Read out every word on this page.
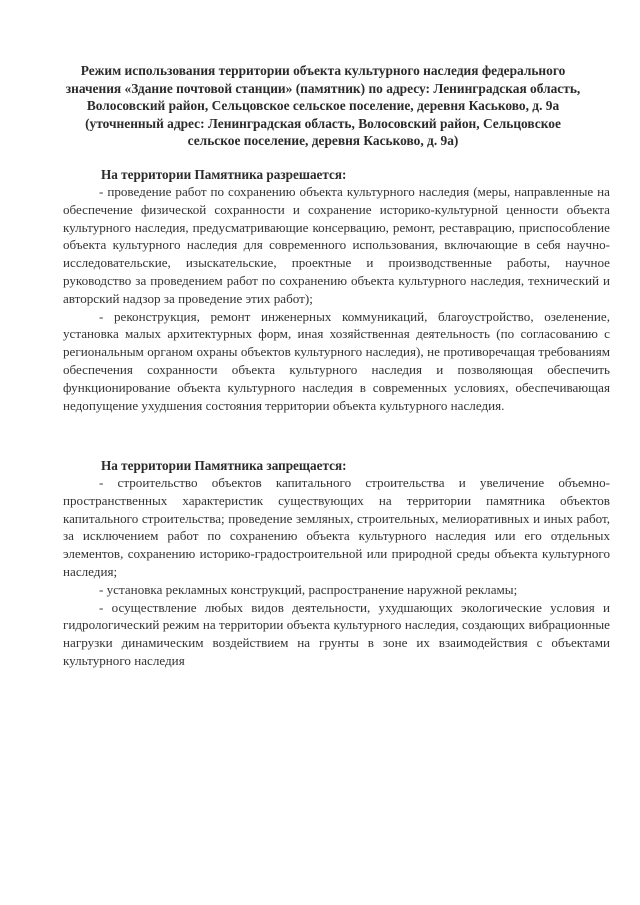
Режим использования территории объекта культурного наследия федерального значения «Здание почтовой станции» (памятник) по адресу: Ленинградская область, Волосовский район, Сельцовское сельское поселение, деревня Каськово, д. 9а (уточненный адрес: Ленинградская область, Волосовский район, Сельцовское сельское поселение, деревня Каськово, д. 9а)

На территории Памятника разрешается:

- проведение работ по сохранению объекта культурного наследия (меры, направленные на обеспечение физической сохранности и сохранение историко-культурной ценности объекта культурного наследия, предусматривающие консервацию, ремонт, реставрацию, приспособление объекта культурного наследия для современного использования, включающие в себя научно-исследовательские, изыскательские, проектные и производственные работы, научное руководство за проведением работ по сохранению объекта культурного наследия, технический и авторский надзор за проведение этих работ);

- реконструкция, ремонт инженерных коммуникаций, благоустройство, озеленение, установка малых архитектурных форм, иная хозяйственная деятельность (по согласованию с региональным органом охраны объектов культурного наследия), не противоречащая требованиям обеспечения сохранности объекта культурного наследия и позволяющая обеспечить функционирование объекта культурного наследия в современных условиях, обеспечивающая недопущение ухудшения состояния территории объекта культурного наследия.

На территории Памятника запрещается:

- строительство объектов капитального строительства и увеличение объемно-пространственных характеристик существующих на территории памятника объектов капитального строительства; проведение земляных, строительных, мелиоративных и иных работ, за исключением работ по сохранению объекта культурного наследия или его отдельных элементов, сохранению историко-градостроительной или природной среды объекта культурного наследия;

- установка рекламных конструкций, распространение наружной рекламы;

- осуществление любых видов деятельности, ухудшающих экологические условия и гидрологический режим на территории объекта культурного наследия, создающих вибрационные нагрузки динамическим воздействием на грунты в зоне их взаимодействия с объектами культурного наследия
